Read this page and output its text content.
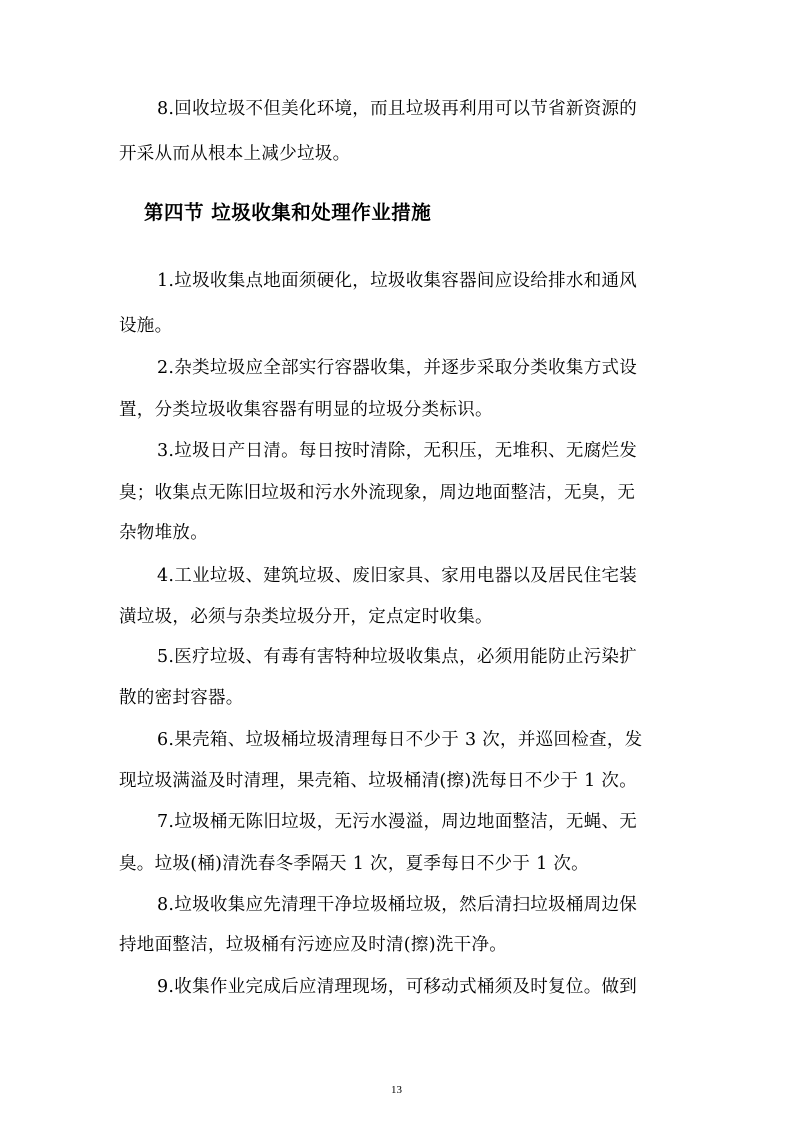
8.回收垃圾不但美化环境，而且垃圾再利用可以节省新资源的
开采从而从根本上减少垃圾。
第四节 垃圾收集和处理作业措施
1.垃圾收集点地面须硬化，垃圾收集容器间应设给排水和通风
设施。
2.杂类垃圾应全部实行容器收集，并逐步采取分类收集方式设
置，分类垃圾收集容器有明显的垃圾分类标识。
3.垃圾日产日清。每日按时清除，无积压，无堆积、无腐烂发
臭；收集点无陈旧垃圾和污水外流现象，周边地面整洁，无臭，无
杂物堆放。
4.工业垃圾、建筑垃圾、废旧家具、家用电器以及居民住宅装
潢垃圾，必须与杂类垃圾分开，定点定时收集。
5.医疗垃圾、有毒有害特种垃圾收集点，必须用能防止污染扩
散的密封容器。
6.果壳箱、垃圾桶垃圾清理每日不少于 3 次，并巡回检查，发
现垃圾满溢及时清理，果壳箱、垃圾桶清(擦)洗每日不少于 1 次。
7.垃圾桶无陈旧垃圾，无污水漫溢，周边地面整洁，无蝇、无
臭。垃圾(桶)清洗春冬季隔天 1 次，夏季每日不少于 1 次。
8.垃圾收集应先清理干净垃圾桶垃圾，然后清扫垃圾桶周边保
持地面整洁，垃圾桶有污迹应及时清(擦)洗干净。
9.收集作业完成后应清理现场，可移动式桶须及时复位。做到
13
